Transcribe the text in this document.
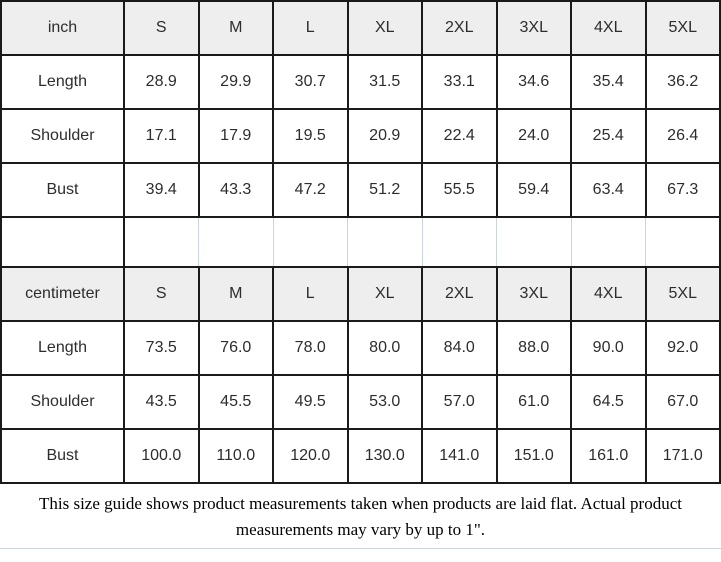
inch	S	M	L	XL	2XL	3XL	4XL	5XL
Length	28.9	29.9	30.7	31.5	33.1	34.6	35.4	36.2
Shoulder	17.1	17.9	19.5	20.9	22.4	24.0	25.4	26.4
Bust	39.4	43.3	47.2	51.2	55.5	59.4	63.4	67.3

centimeter	S	M	L	XL	2XL	3XL	4XL	5XL
Length	73.5	76.0	78.0	80.0	84.0	88.0	90.0	92.0
Shoulder	43.5	45.5	49.5	53.0	57.0	61.0	64.5	67.0
Bust	100.0	110.0	120.0	130.0	141.0	151.0	161.0	171.0
This size guide shows product measurements taken when products are laid flat. Actual product measurements may vary by up to 1".
